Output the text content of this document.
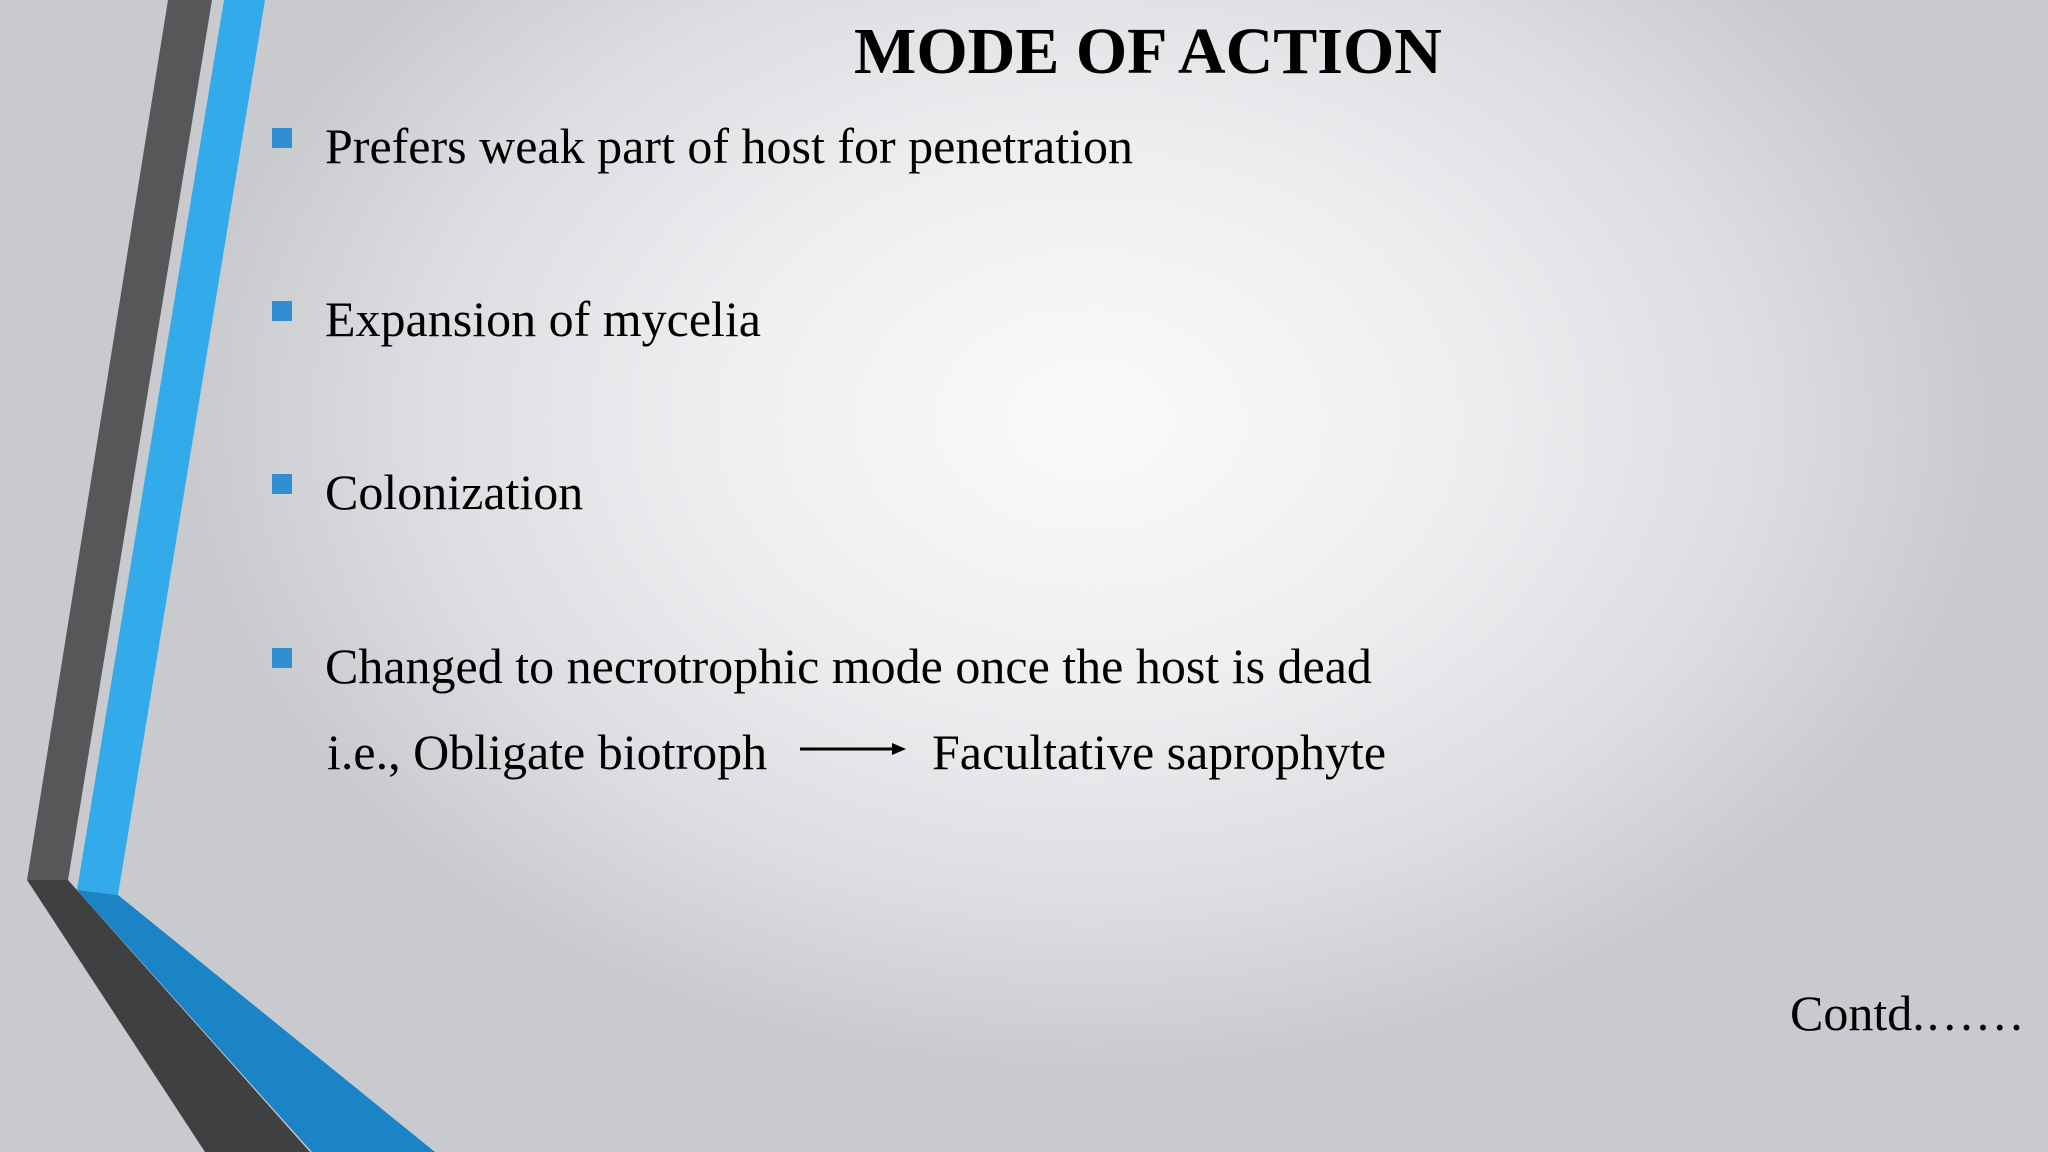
MODE OF ACTION
Prefers weak part of host for penetration
Expansion of mycelia
Colonization
Changed to necrotrophic mode once the host is dead
i.e., Obligate biotroph	Facultative saprophyte
Contd.……
